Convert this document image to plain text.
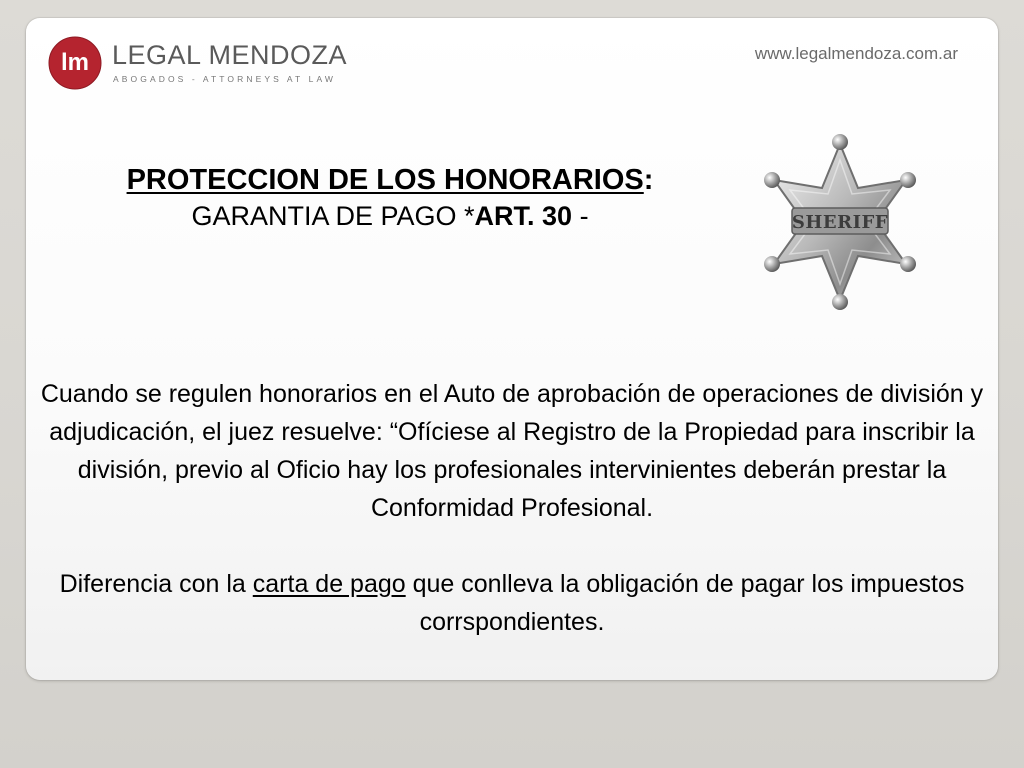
lm LEGAL MENDOZA
ABOGADOS - ATTORNEYS AT LAW
www.legalmendoza.com.ar
PROTECCION DE LOS HONORARIOS:
GARANTIA DE PAGO *ART. 30 -	SHERIFF

Cuando se regulen honorarios en el Auto de aprobación de operaciones de división y adjudicación, el juez resuelve: “Ofíciese al Registro de la Propiedad para inscribir la división, previo al Oficio hay los profesionales intervinientes deberán prestar la Conformidad Profesional.

Diferencia con la carta de pago que conlleva la obligación de pagar los impuestos corrspondientes.
